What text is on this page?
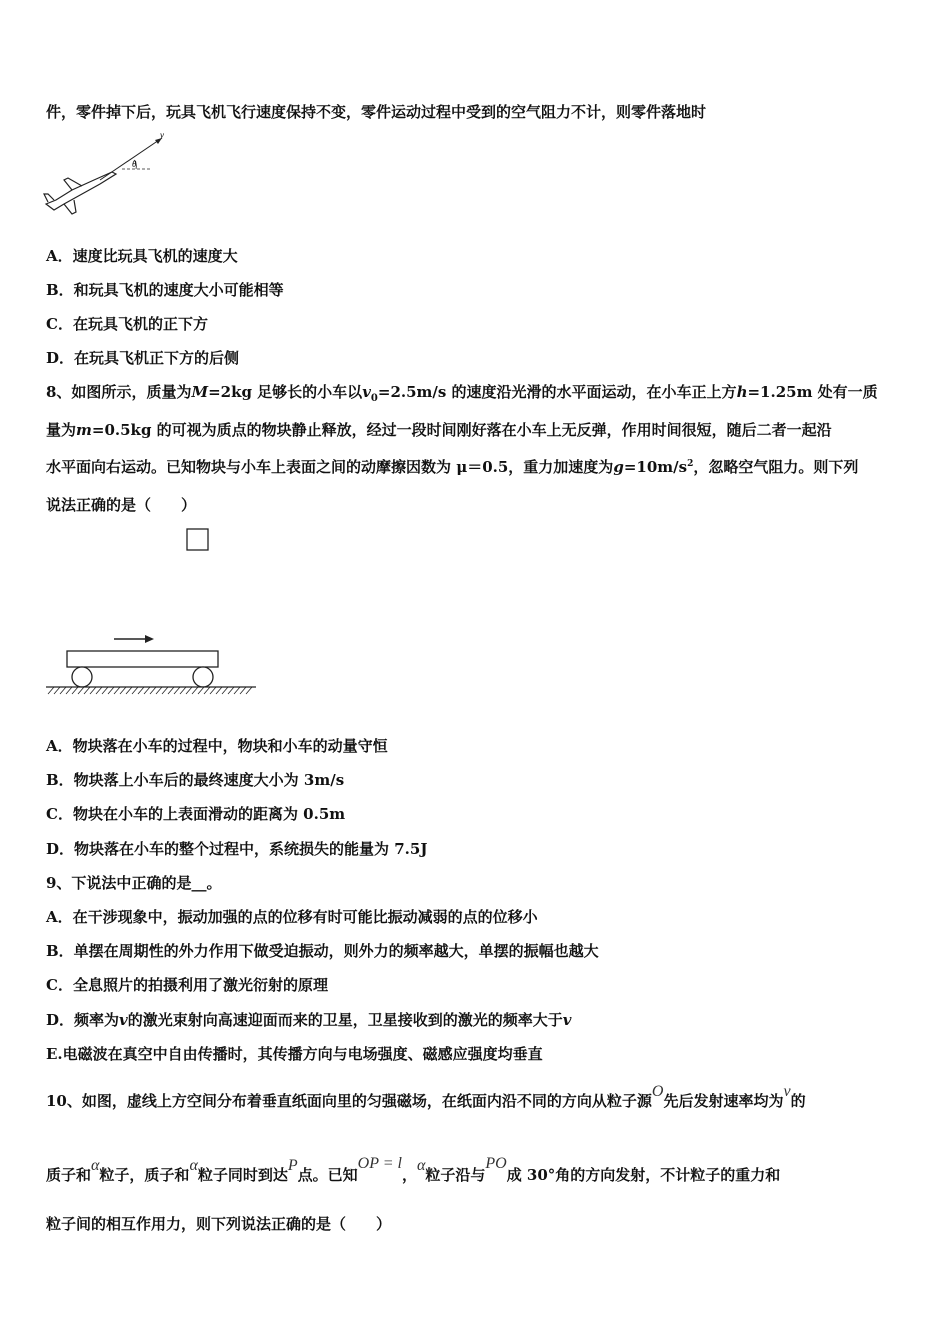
件，零件掉下后，玩具飞机飞行速度保持不变，零件运动过程中受到的空气阻力不计，则零件落地时
v
θ
A．速度比玩具飞机的速度大
B．和玩具飞机的速度大小可能相等
C．在玩具飞机的正下方
D．在玩具飞机正下方的后侧
8、如图所示，质量为M=2kg 足够长的小车以$v_0=2.5m/s$ 的速度沿光滑的水平面运动，在小车正上方h=1.25m 处有一质
量为m=0.5kg 的可视为质点的物块静止释放，经过一段时间刚好落在小车上无反弹，作用时间很短，随后二者一起沿
水平面向右运动。已知物块与小车上表面之间的动摩擦因数为 μ＝0.5，重力加速度为$g=10m/s^2$，忽略空气阻力。则下列
说法正确的是（　　）
A．物块落在小车的过程中，物块和小车的动量守恒
B．物块落上小车后的最终速度大小为 3m/s
C．物块在小车的上表面滑动的距离为 0.5m
D．物块落在小车的整个过程中，系统损失的能量为 7.5J
9、下说法中正确的是__。
A．在干涉现象中，振动加强的点的位移有时可能比振动减弱的点的位移小
B．单摆在周期性的外力作用下做受迫振动，则外力的频率越大，单摆的振幅也越大
C．全息照片的拍摄利用了激光衍射的原理
D．频率为v的激光束射向高速迎面而来的卫星，卫星接收到的激光的频率大于v
E.电磁波在真空中自由传播时，其传播方向与电场强度、磁感应强度均垂直
10、如图，虚线上方空间分布着垂直纸面向里的匀强磁场，在纸面内沿不同的方向从粒子源O先后发射速率均为v的
质子和α粒子，质子和α粒子同时到达P点。已知OP = l，α粒子沿与PO成 30°角的方向发射，不计粒子的重力和
粒子间的相互作用力，则下列说法正确的是（　　）
